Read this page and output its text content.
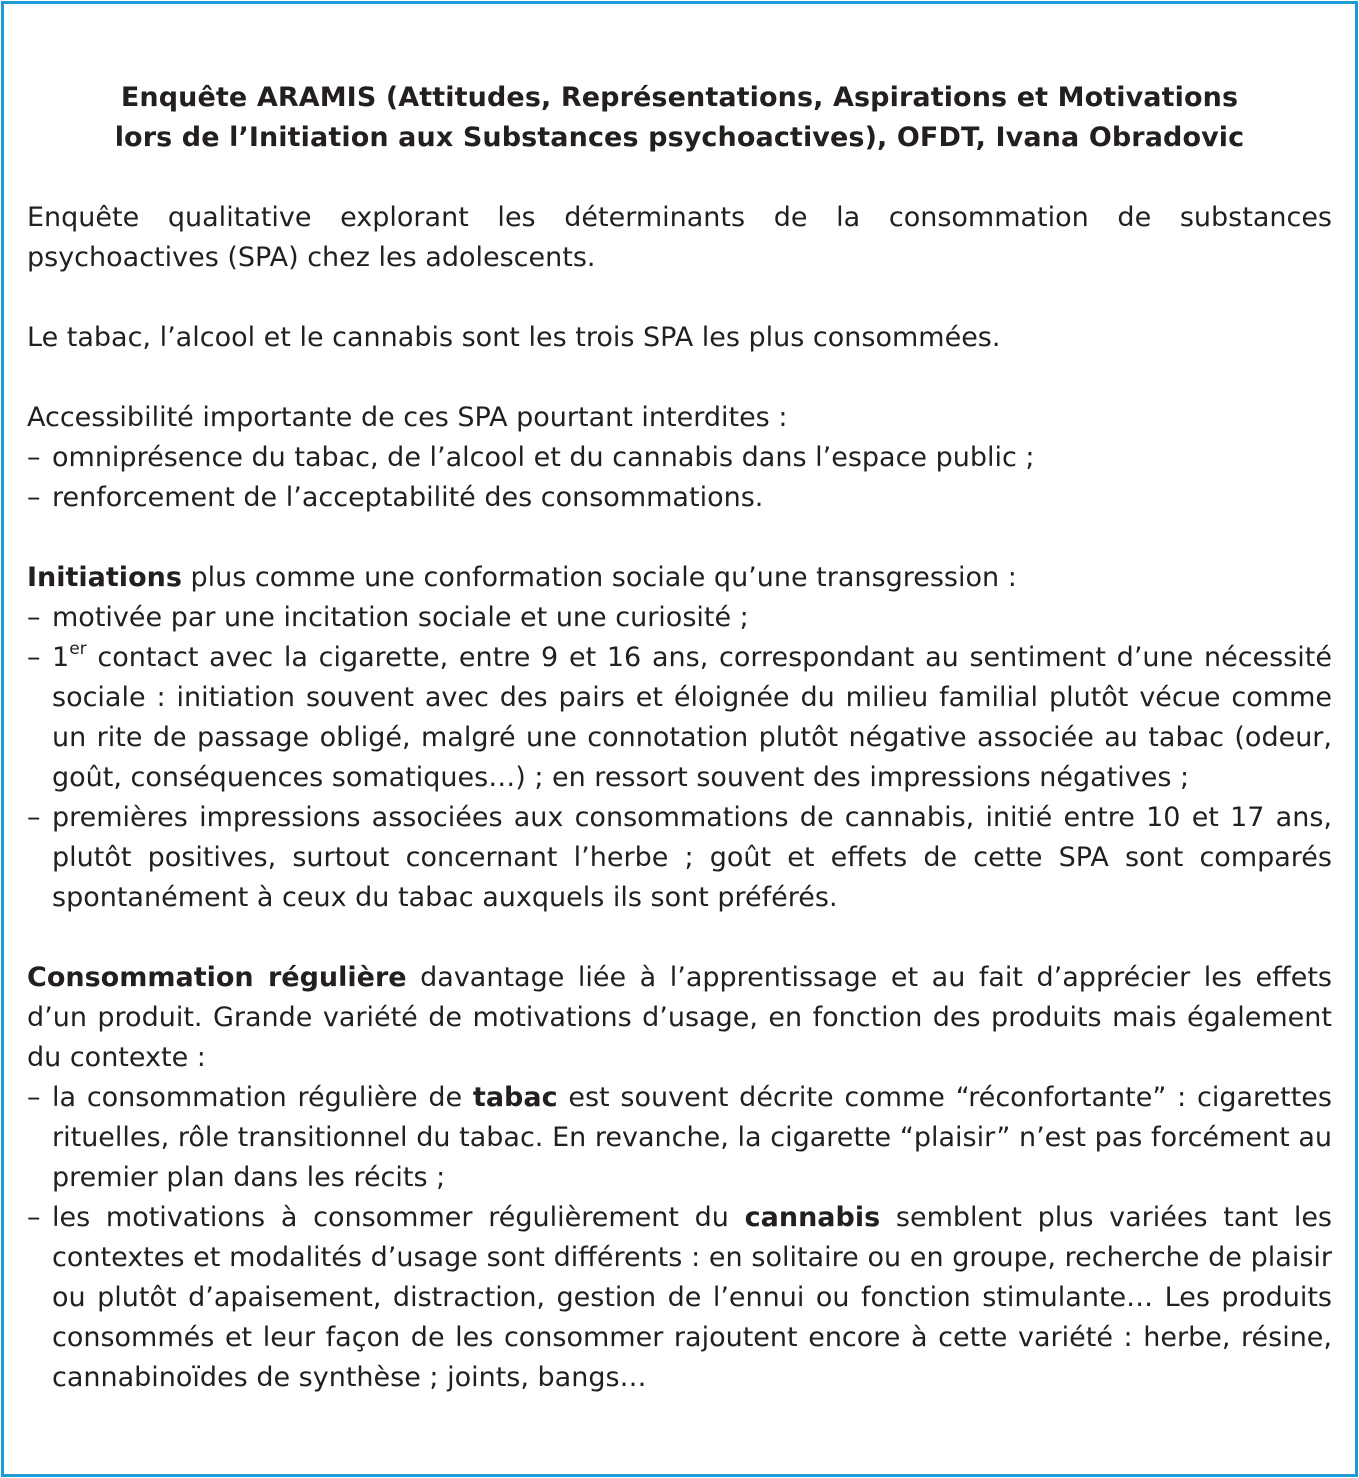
Enquête ARAMIS (Attitudes, Représentations, Aspirations et Motivations
lors de l’Initiation aux Substances psychoactives), OFDT, Ivana Obradovic

Enquête qualitative explorant les déterminants de la consommation de substances psychoactives (SPA) chez les adolescents.

Le tabac, l’alcool et le cannabis sont les trois SPA les plus consommées.

Accessibilité importante de ces SPA pourtant interdites :

– omniprésence du tabac, de l’alcool et du cannabis dans l’espace public ;
– renforcement de l’acceptabilité des consommations.

Initiations plus comme une conformation sociale qu’une transgression :

– motivée par une incitation sociale et une curiosité ;
– 1er contact avec la cigarette, entre 9 et 16 ans, correspondant au sentiment d’une nécessité sociale : initiation souvent avec des pairs et éloignée du milieu familial plutôt vécue comme un rite de passage obligé, malgré une connotation plutôt négative associée au tabac (odeur, goût, conséquences somatiques…) ; en ressort souvent des impressions négatives ;
– premières impressions associées aux consommations de cannabis, initié entre 10 et 17 ans, plutôt positives, surtout concernant l’herbe ; goût et effets de cette SPA sont comparés spontanément à ceux du tabac auxquels ils sont préférés.

Consommation régulière davantage liée à l’apprentissage et au fait d’apprécier les effets d’un produit. Grande variété de motivations d’usage, en fonction des produits mais également du contexte :

– la consommation régulière de tabac est souvent décrite comme “réconfortante” : cigarettes rituelles, rôle transitionnel du tabac. En revanche, la cigarette “plaisir” n’est pas forcément au premier plan dans les récits ;
– les motivations à consommer régulièrement du cannabis semblent plus variées tant les contextes et modalités d’usage sont différents : en solitaire ou en groupe, recherche de plaisir ou plutôt d’apaisement, distraction, gestion de l’ennui ou fonction stimulante… Les produits consommés et leur façon de les consommer rajoutent encore à cette variété : herbe, résine, cannabinoïdes de synthèse ; joints, bangs…
